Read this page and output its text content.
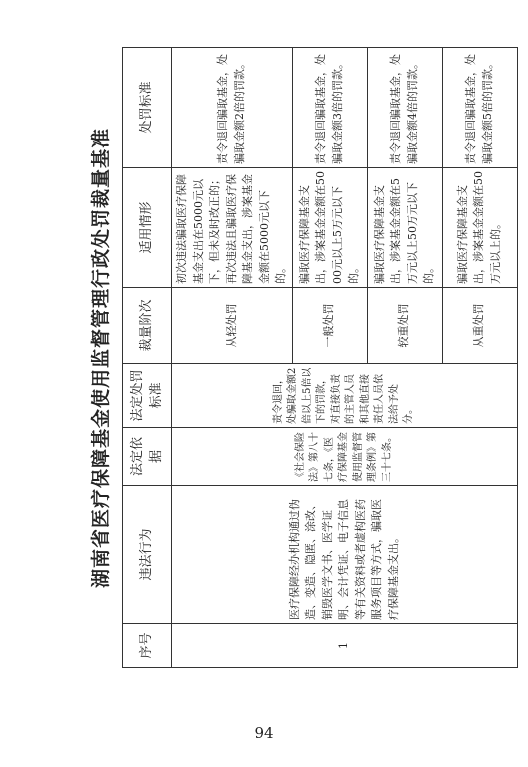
湖南省医疗保障基金使用监督管理行政处罚裁量基准
序号	违法行为	法定依据	法定处罚标准	裁量阶次	适用情形	处罚标准
1	医疗保障经办机构通过伪造、变造、隐匿、涂改、销毁医学文书、医学证明、会计凭证、电子信息等有关资料或者虚构医药服务项目等方式，骗取医疗保障基金支出。	《社会保险法》第八十七条，《医疗保障基金使用监督管理条例》第三十七条。	责令退回，处骗取金额2倍以上5倍以下的罚款，对直接负责的主管人员和其他直接责任人员依法给予处分。	从轻处罚	初次违法骗取医疗保障基金支出在5000元以下，但未及时改正的；再次违法且骗取医疗保障基金支出，涉案基金金额在5000元以下的。	责令退回骗取基金，处骗取金额2倍的罚款。
				一般处罚	骗取医疗保障基金支出，涉案基金金额在5000元以上5万元以下的。	责令退回骗取基金，处骗取金额3倍的罚款。
				较重处罚	骗取医疗保障基金支出，涉案基金金额在5万元以上50万元以下的。	责令退回骗取基金，处骗取金额4倍的罚款。
				从重处罚	骗取医疗保障基金支出，涉案基金金额在50万元以上的。	责令退回骗取基金，处骗取金额5倍的罚款。
94
